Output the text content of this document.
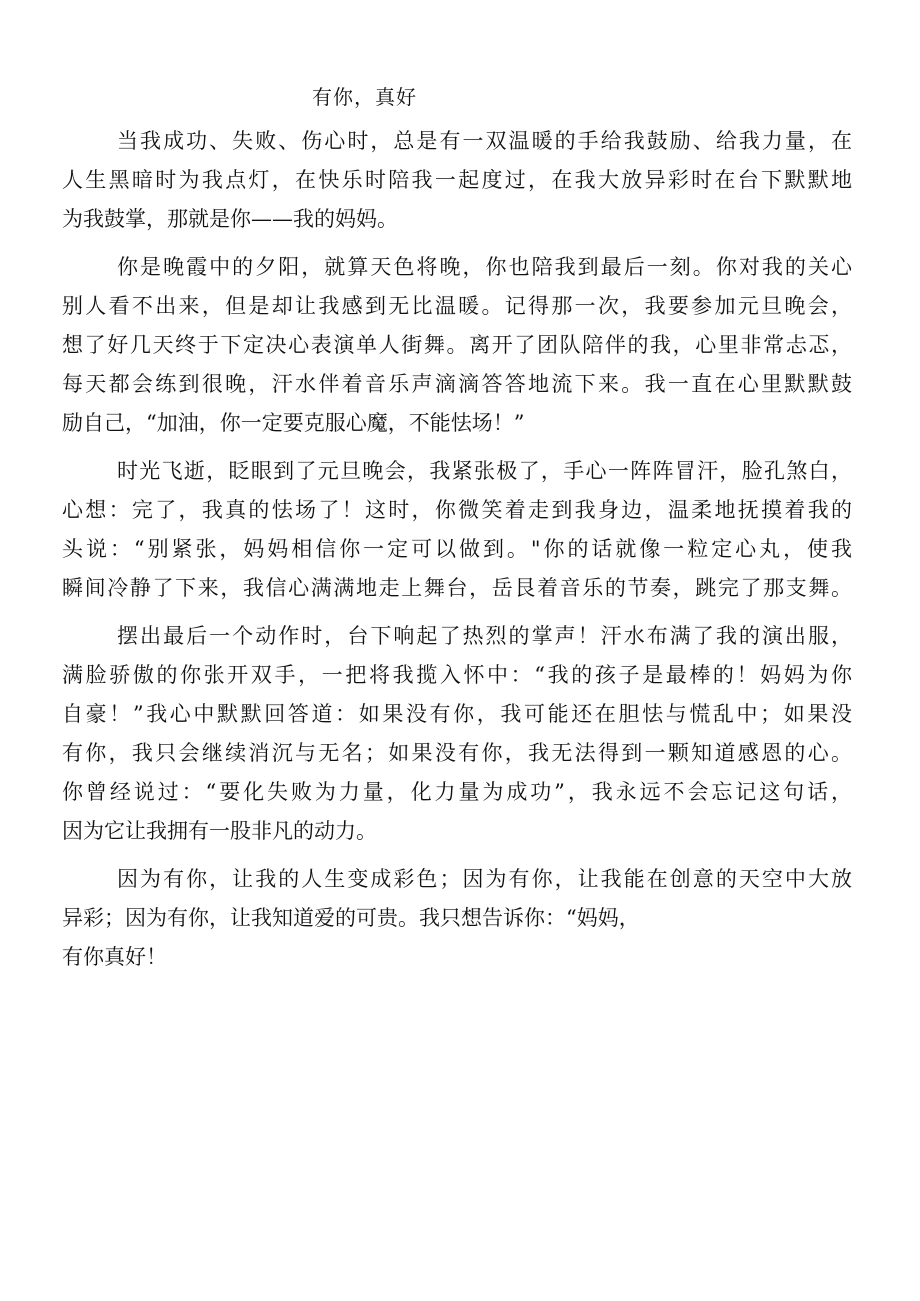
有你，真好
当我成功、失败、伤心时，总是有一双温暖的手给我鼓励、给我力量，在
人生黑暗时为我点灯，在快乐时陪我一起度过，在我大放异彩时在台下默默地
为我鼓掌，那就是你——我的妈妈。
你是晚霞中的夕阳，就算天色将晚，你也陪我到最后一刻。你对我的关心
别人看不出来，但是却让我感到无比温暖。记得那一次，我要参加元旦晚会，
想了好几天终于下定决心表演单人街舞。离开了团队陪伴的我，心里非常忐忑，
每天都会练到很晚，汗水伴着音乐声滴滴答答地流下来。我一直在心里默默鼓
励自己，“加油，你一定要克服心魔，不能怯场！”
时光飞逝，眨眼到了元旦晚会，我紧张极了，手心一阵阵冒汗，脸孔煞白，
心想：完了，我真的怯场了！这时，你微笑着走到我身边，温柔地抚摸着我的
头说：“别紧张，妈妈相信你一定可以做到。"你的话就像一粒定心丸，使我
瞬间冷静了下来，我信心满满地走上舞台，岳艮着音乐的节奏，跳完了那支舞。
摆出最后一个动作时，台下响起了热烈的掌声！汗水布满了我的演出服，
满脸骄傲的你张开双手，一把将我揽入怀中：“我的孩子是最棒的！妈妈为你
自豪！”我心中默默回答道：如果没有你，我可能还在胆怯与慌乱中；如果没
有你，我只会继续消沉与无名；如果没有你，我无法得到一颗知道感恩的心。
你曾经说过：“要化失败为力量，化力量为成功”，我永远不会忘记这句话，
因为它让我拥有一股非凡的动力。
因为有你，让我的人生变成彩色；因为有你，让我能在创意的天空中大放
异彩；因为有你，让我知道爱的可贵。我只想告诉你：“妈妈，
有你真好！
